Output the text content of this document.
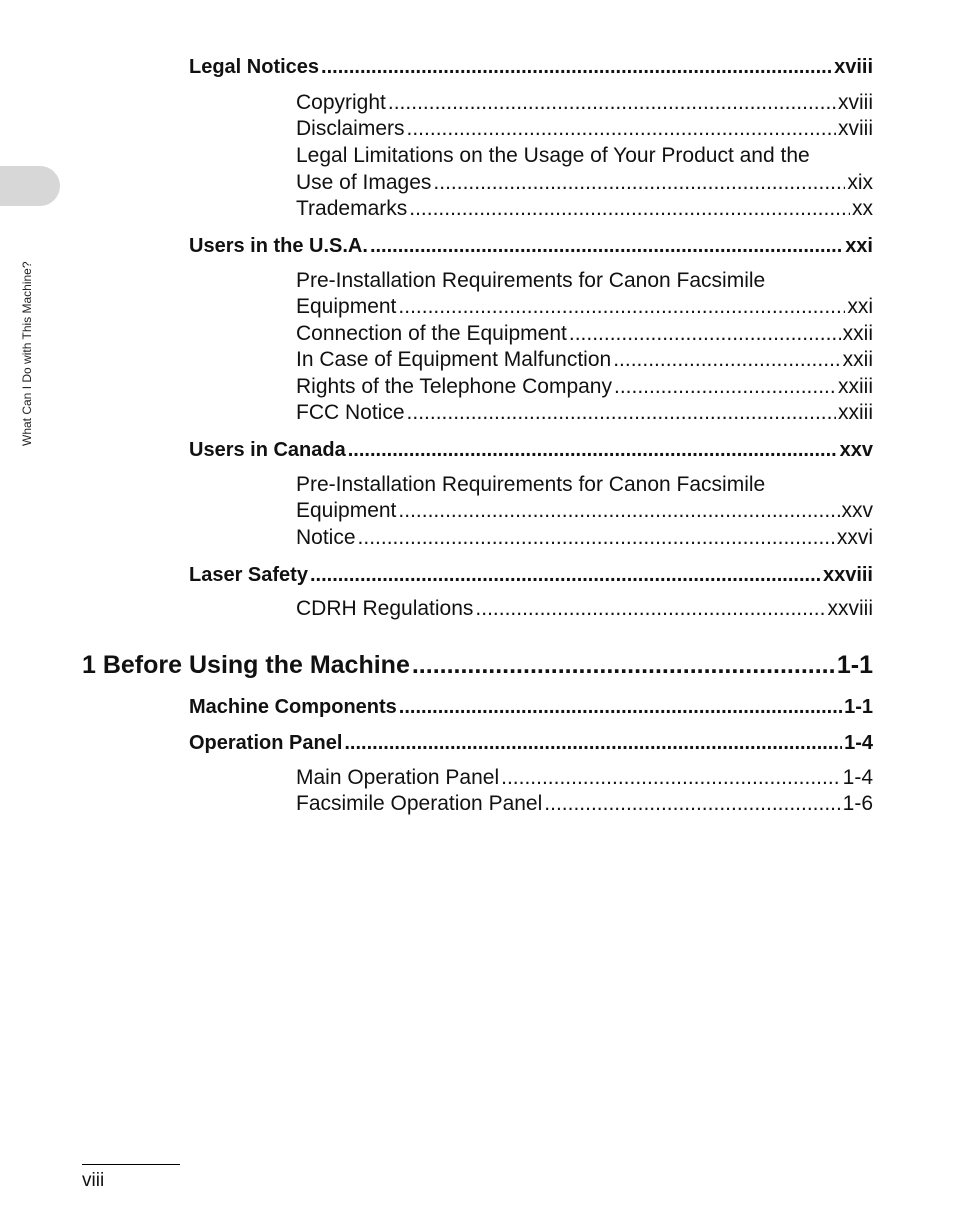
What Can I Do with This Machine?
Legal Notices .....	xviii
Copyright .....	xviii
Disclaimers .....	xviii
Legal Limitations on the Usage of Your Product and the
Use of Images .....	xix
Trademarks .....	xx
Users in the U.S.A. .....	xxi
Pre-Installation Requirements for Canon Facsimile
Equipment .....	xxi
Connection of the Equipment .....	xxii
In Case of Equipment Malfunction .....	xxii
Rights of the Telephone Company .....	xxiii
FCC Notice .....	xxiii
Users in Canada .....	xxv
Pre-Installation Requirements for Canon Facsimile
Equipment .....	xxv
Notice .....	xxvi
Laser Safety .....	xxviii
CDRH Regulations .....	xxviii
1 Before Using the Machine .....	1-1
Machine Components .....	1-1
Operation Panel .....	1-4
Main Operation Panel .....	1-4
Facsimile Operation Panel .....	1-6
viii
